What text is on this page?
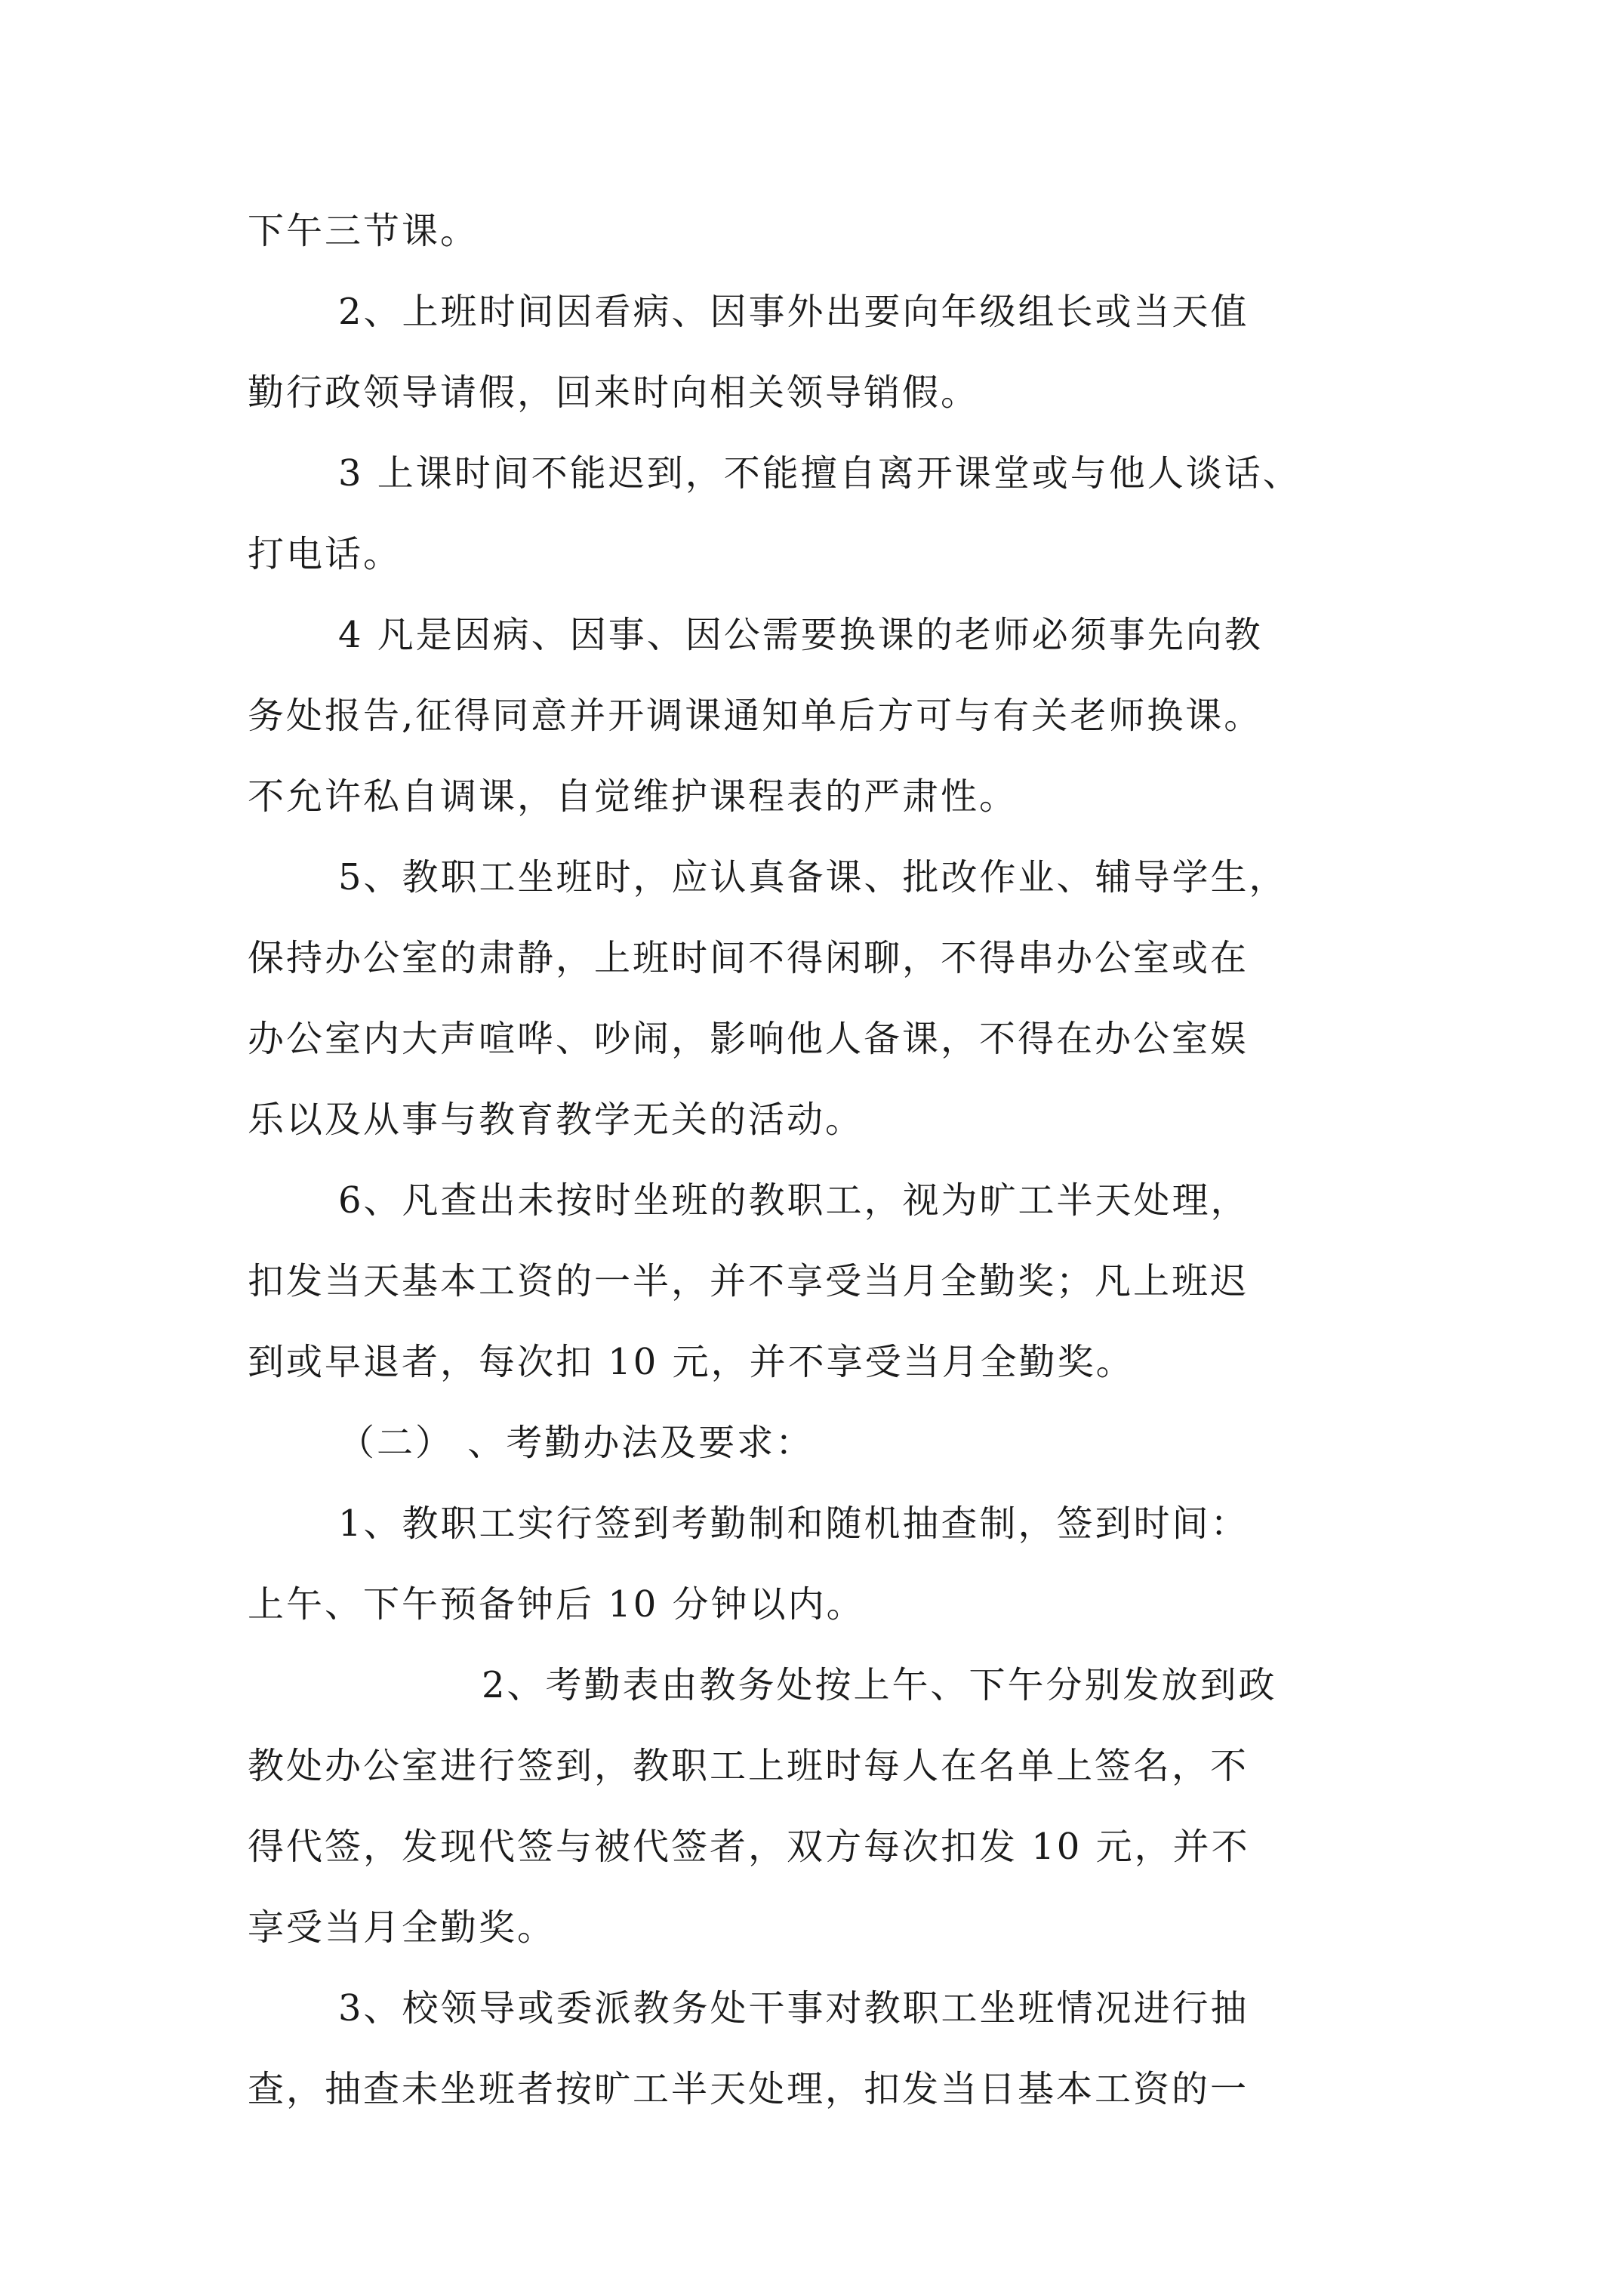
下午三节课。

2、上班时间因看病、因事外出要向年级组长或当天值

勤行政领导请假，回来时向相关领导销假。

3 上课时间不能迟到，不能擅自离开课堂或与他人谈话、

打电话。

4 凡是因病、因事、因公需要换课的老师必须事先向教

务处报告,征得同意并开调课通知单后方可与有关老师换课。

不允许私自调课，自觉维护课程表的严肃性。

5、教职工坐班时，应认真备课、批改作业、辅导学生，

保持办公室的肃静，上班时间不得闲聊，不得串办公室或在

办公室内大声喧哗、吵闹，影响他人备课，不得在办公室娱

乐以及从事与教育教学无关的活动。

6、凡查出未按时坐班的教职工，视为旷工半天处理，

扣发当天基本工资的一半，并不享受当月全勤奖；凡上班迟

到或早退者，每次扣 10 元，并不享受当月全勤奖。

（二） 、考勤办法及要求：

1、教职工实行签到考勤制和随机抽查制，签到时间：

上午、下午预备钟后 10 分钟以内。

2、考勤表由教务处按上午、下午分别发放到政

教处办公室进行签到，教职工上班时每人在名单上签名，不

得代签，发现代签与被代签者，双方每次扣发 10 元，并不

享受当月全勤奖。

3、校领导或委派教务处干事对教职工坐班情况进行抽

查，抽查未坐班者按旷工半天处理，扣发当日基本工资的一
